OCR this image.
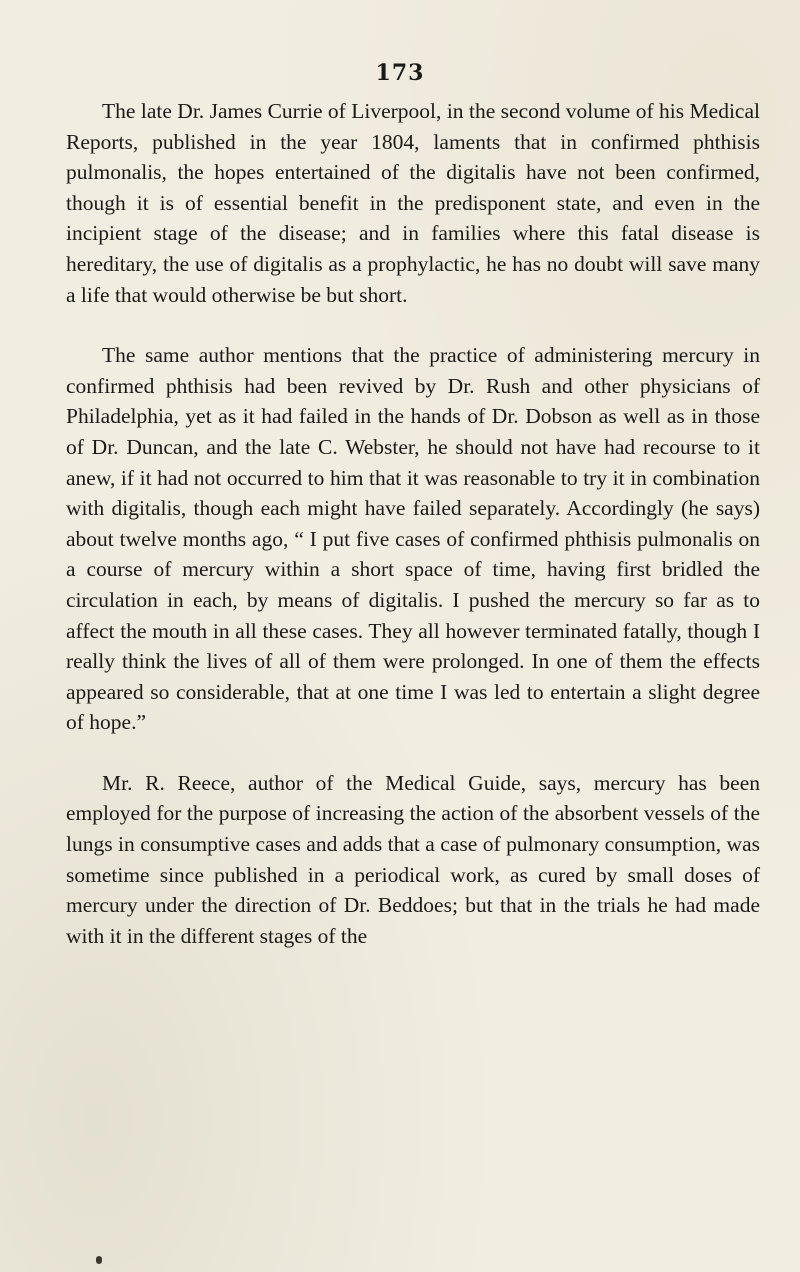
173

The late Dr. James Currie of Liverpool, in the second volume of his Medical Reports, published in the year 1804, laments that in confirmed phthisis pulmonalis, the hopes entertained of the digitalis have not been confirmed, though it is of essential benefit in the predisponent state, and even in the incipient stage of the disease; and in families where this fatal disease is hereditary, the use of digitalis as a prophylactic, he has no doubt will save many a life that would otherwise be but short.

The same author mentions that the practice of administering mercury in confirmed phthisis had been revived by Dr. Rush and other physicians of Philadelphia, yet as it had failed in the hands of Dr. Dobson as well as in those of Dr. Duncan, and the late C. Webster, he should not have had recourse to it anew, if it had not occurred to him that it was reasonable to try it in combination with digitalis, though each might have failed separately. Accordingly (he says) about twelve months ago, “ I put five cases of confirmed phthisis pulmonalis on a course of mercury within a short space of time, having first bridled the circulation in each, by means of digitalis. I pushed the mercury so far as to affect the mouth in all these cases. They all however terminated fatally, though I really think the lives of all of them were prolonged. In one of them the effects appeared so considerable, that at one time I was led to entertain a slight degree of hope.”

Mr. R. Reece, author of the Medical Guide, says, mercury has been employed for the purpose of increasing the action of the absorbent vessels of the lungs in consumptive cases and adds that a case of pulmonary consumption, was sometime since published in a periodical work, as cured by small doses of mercury under the direction of Dr. Beddoes; but that in the trials he had made with it in the different stages of the
